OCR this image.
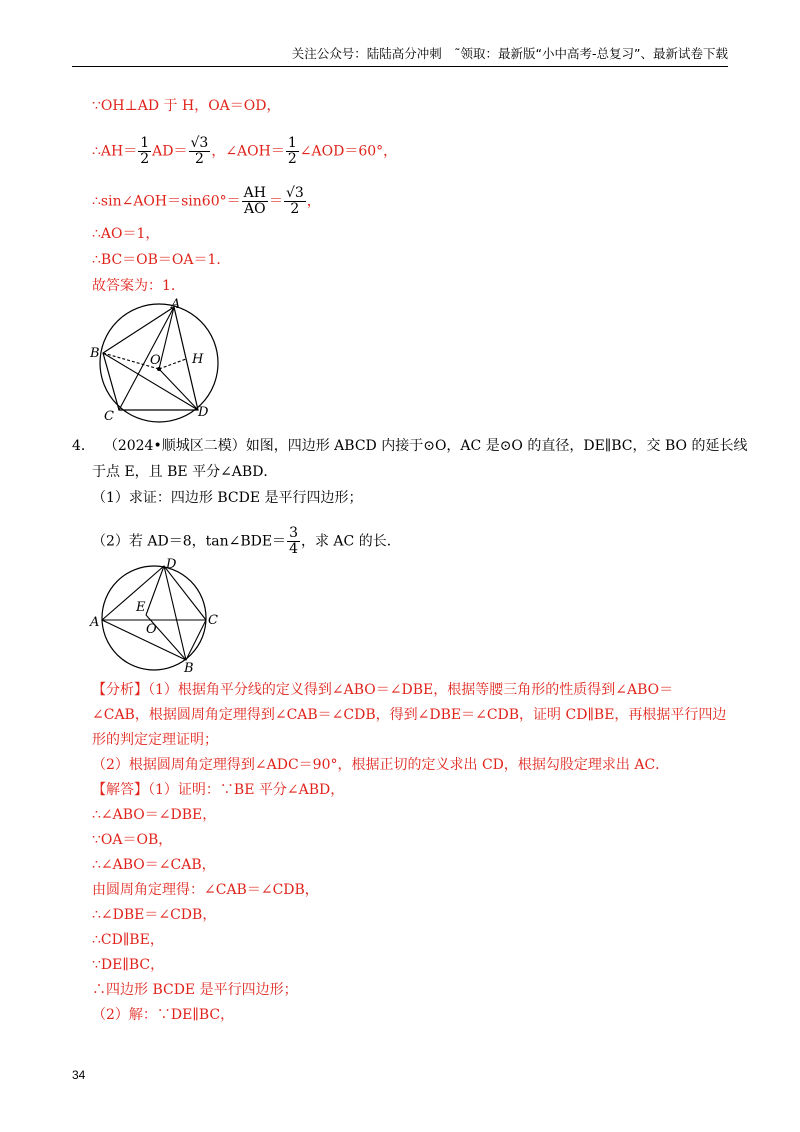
关注公众号：陆陆高分冲刺　˜领取：最新版“小中高考-总复习”、最新试卷下载
∵OH⊥AD 于 H，OA＝OD，
∴AH＝ $\frac{1}{2} AD= \frac{√3}{2}$ ，∠AOH＝ $\frac{1}{2}$ ∠AOD＝60°，
∴sin∠AOH＝sin60°＝ $\frac{AH}{AO} = \frac{√3}{2}$ ，
∴AO＝1，
∴BC＝OB＝OA＝1．
故答案为：1．
A
B	O H
C	D
4． （2024•顺城区二模）如图，四边形 ABCD 内接于⊙O，AC 是⊙O 的直径，DE∥BC，交 BO 的延长线
于点 E，且 BE 平分∠ABD．
（1）求证：四边形 BCDE 是平行四边形；
（2）若 AD＝8，tan∠BDE＝ $\frac{3}{4}$ ，求 AC 的长．
D
E
A	O
C
B
【分析】（1）根据角平分线的定义得到∠ABO＝∠DBE，根据等腰三角形的性质得到∠ABO＝
∠CAB，根据圆周角定理得到∠CAB＝∠CDB，得到∠DBE＝∠CDB，证明 CD∥BE，再根据平行四边
形的判定定理证明；
（2）根据圆周角定理得到∠ADC＝90°，根据正切的定义求出 CD，根据勾股定理求出 AC．
【解答】（1）证明：∵BE 平分∠ABD，
∴∠ABO＝∠DBE，
∵OA＝OB，
∴∠ABO＝∠CAB，
由圆周角定理得：∠CAB＝∠CDB，
∴∠DBE＝∠CDB，
∴CD∥BE，
∵DE∥BC，
∴四边形 BCDE 是平行四边形；
（2）解：∵DE∥BC，
34
